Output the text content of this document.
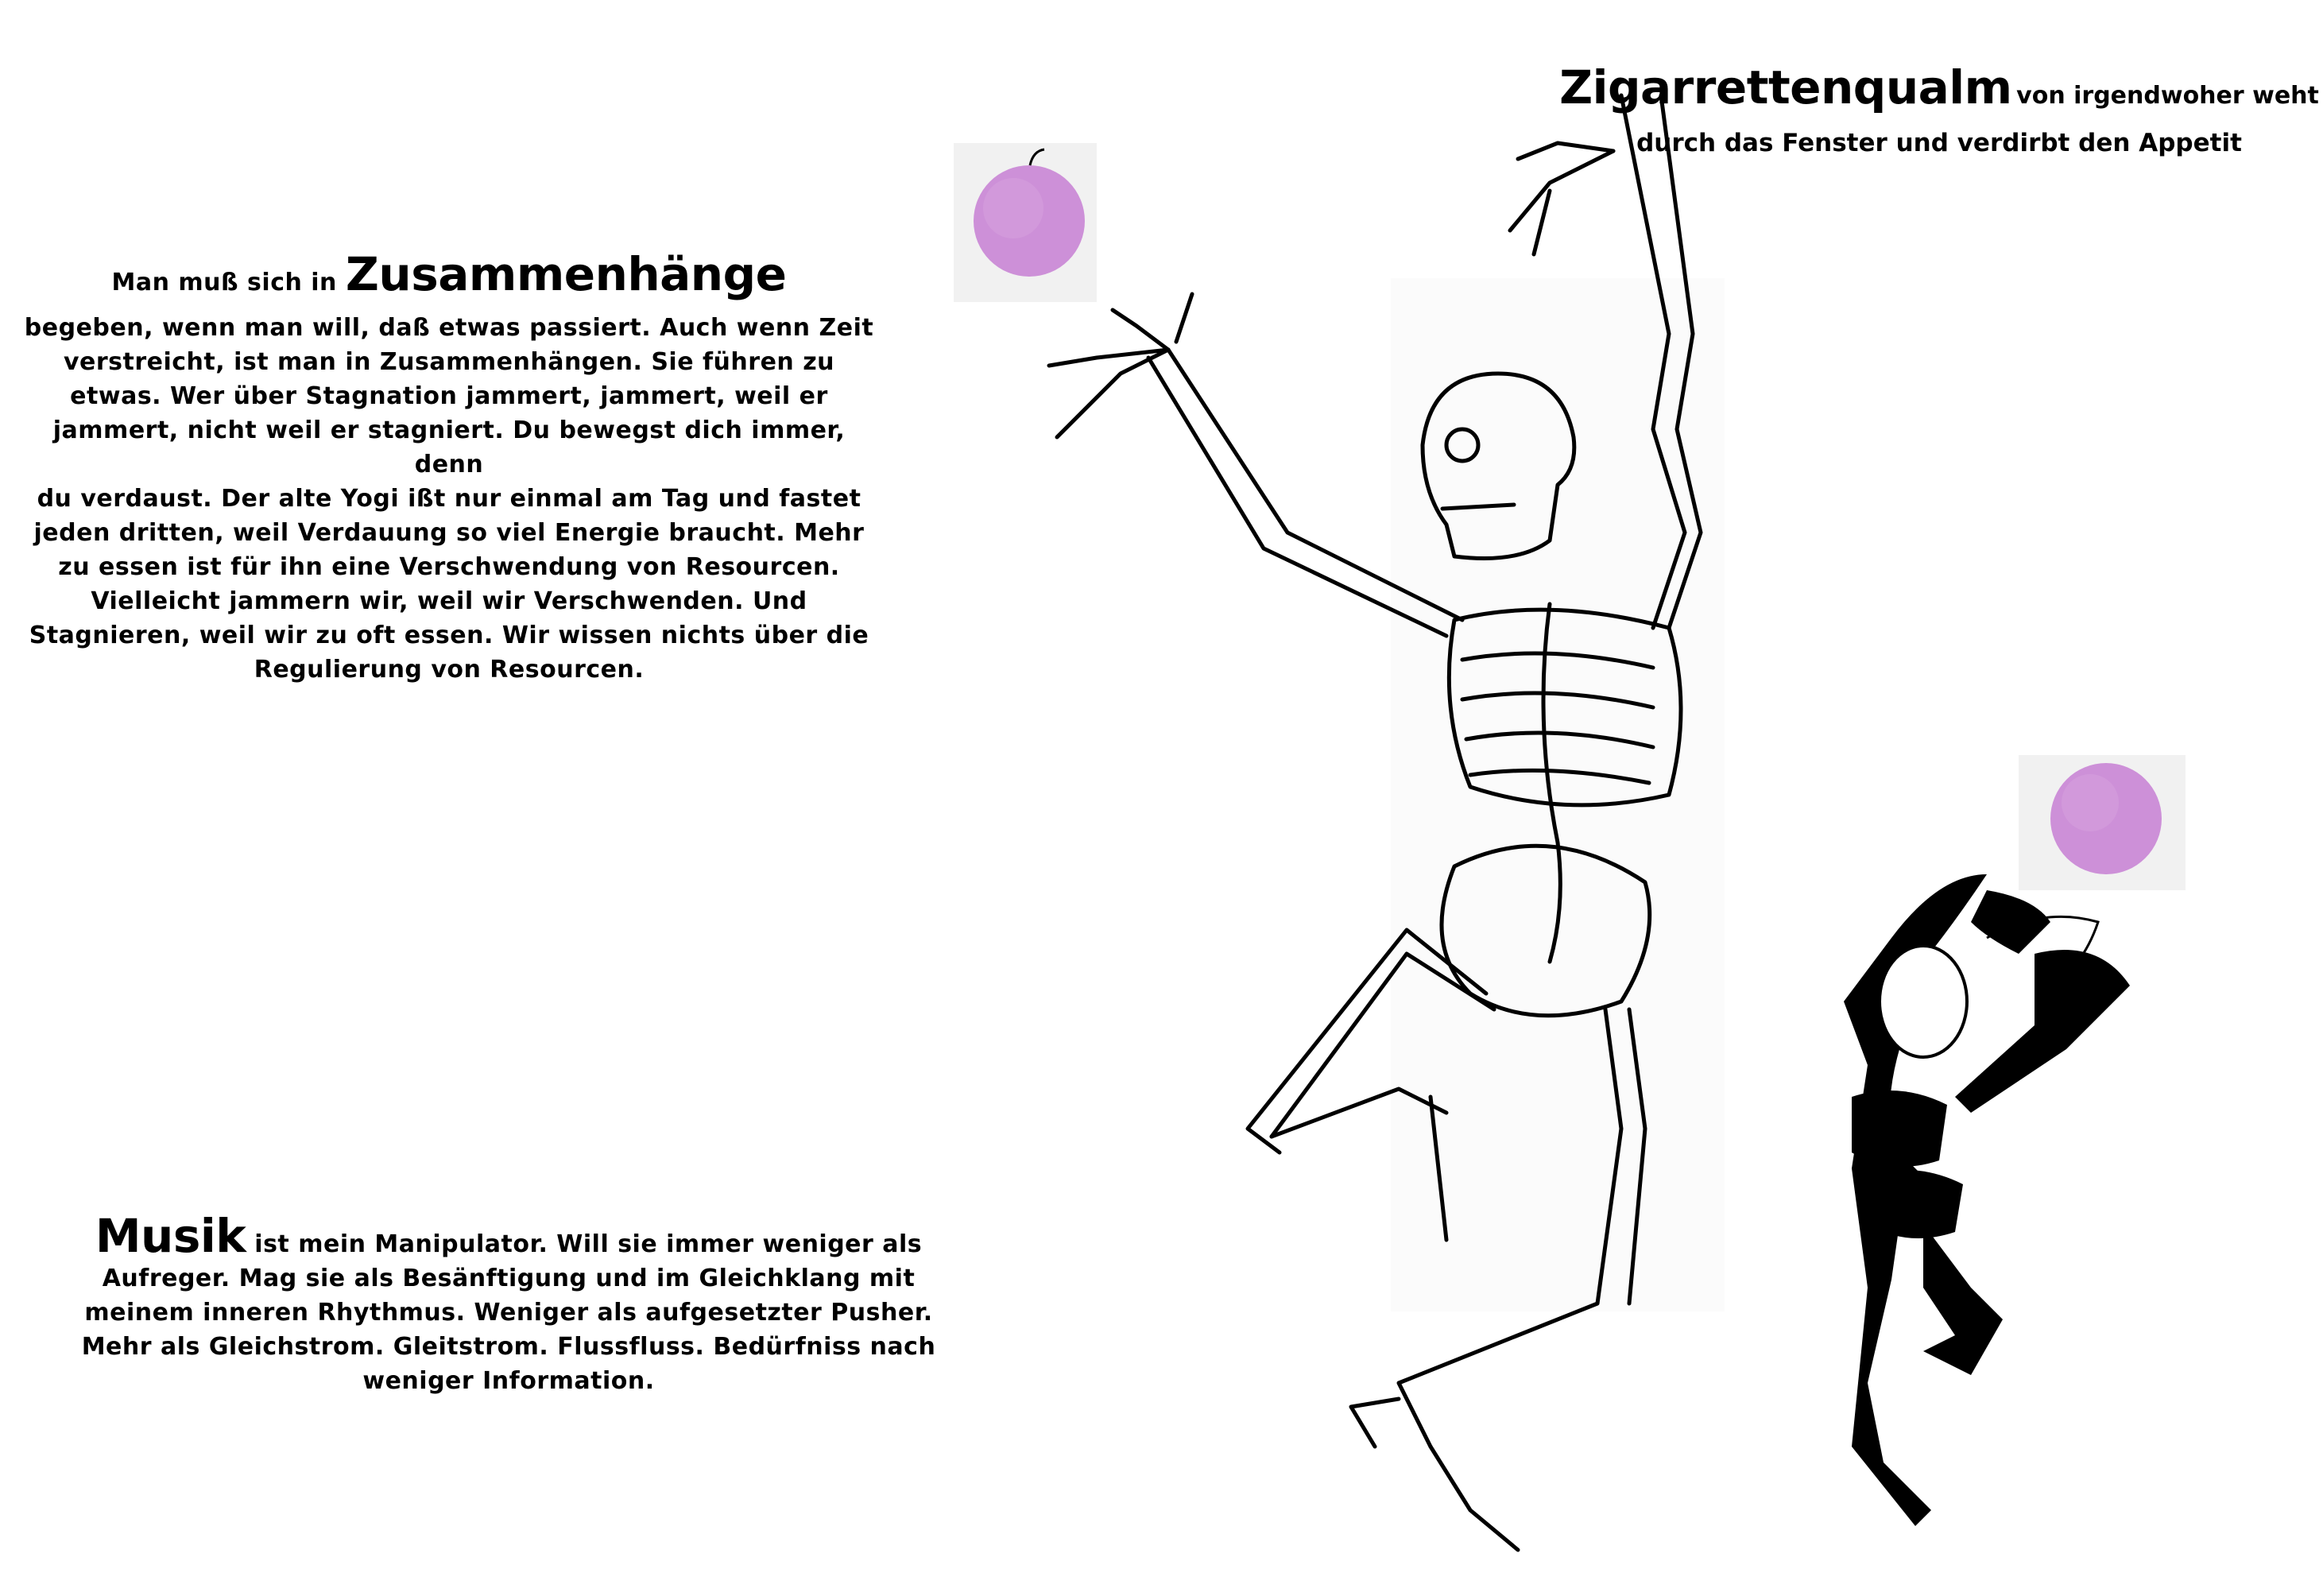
Man muß sich in Zusammenhänge
begeben, wenn man will, daß etwas passiert. Auch wenn Zeit
verstreicht, ist man in Zusammenhängen. Sie führen zu
etwas. Wer über Stagnation jammert, jammert, weil er
jammert, nicht weil er stagniert. Du bewegst dich immer, denn
du verdaust. Der alte Yogi ißt nur einmal am Tag und fastet
jeden dritten, weil Verdauung so viel Energie braucht. Mehr
zu essen ist für ihn eine Verschwendung von Resourcen.
Vielleicht jammern wir, weil wir Verschwenden. Und
Stagnieren, weil wir zu oft essen. Wir wissen nichts über die
Regulierung von Resourcen.
Musik ist mein Manipulator. Will sie immer weniger als
Aufreger. Mag sie als Besänftigung und im Gleichklang mit
meinem inneren Rhythmus. Weniger als aufgesetzter Pusher.
Mehr als Gleichstrom. Gleitstrom. Flussfluss. Bedürfniss nach
weniger Information.
Zigarrettenqualm von irgendwoher weht
durch das Fenster und verdirbt den Appetit
